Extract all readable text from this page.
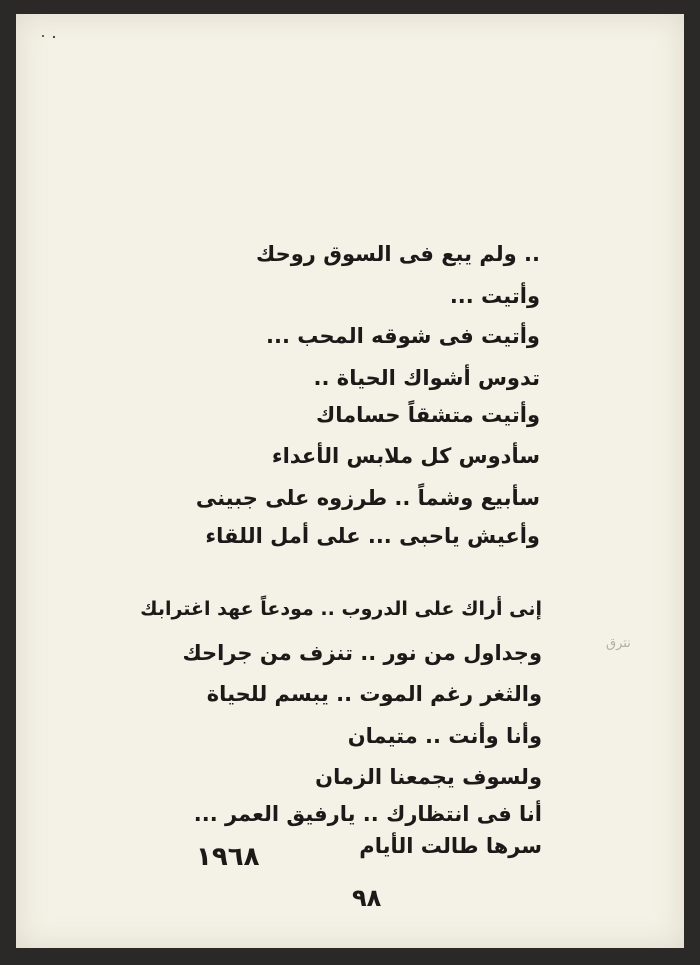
.. ولم يبع فى السوق روحك
وأتيت ...
وأتيت فى شوقه المحب ...
تدوس أشواك الحياة ..
وأتيت متشقاً حساماك
سأدوس كل ملابس الأعداء
سأبيع وشماً .. طرزوه على جبينى
وأعيش ياحبى ... على أمل اللقاء
إنى أراك على الدروب .. مودعاً عهد اغترابك
وجداول من نور .. تنزف من جراحك
والثغر رغم الموت .. يبسم للحياة
وأنا وأنت .. متيمان
ولسوف يجمعنا الزمان
أنا فى انتظارك .. يارفيق العمر ...
سرها طالت الأيام
نترق
١٩٦٨
٩٨
